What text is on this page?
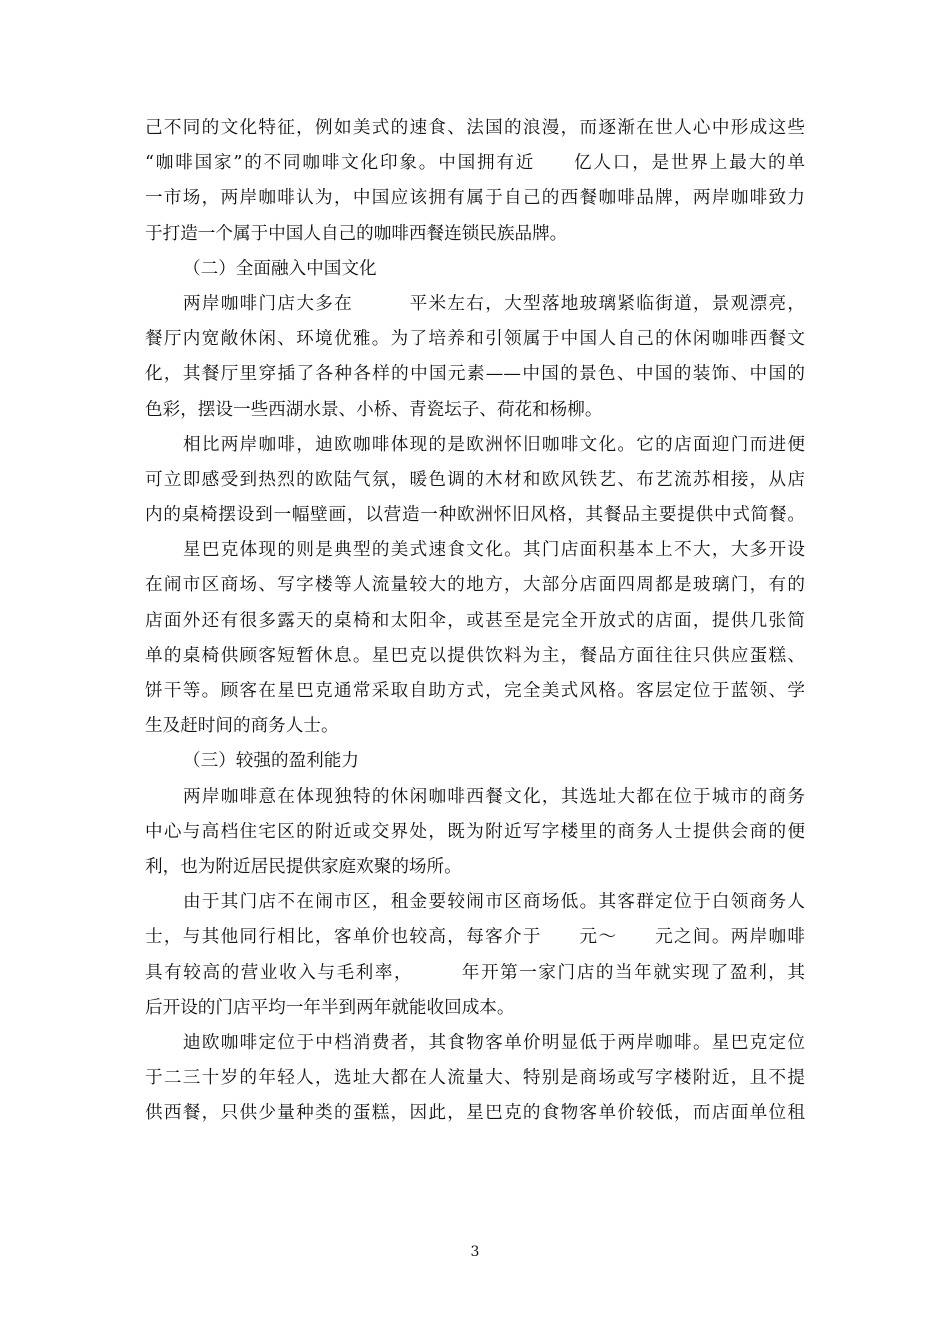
己不同的文化特征，例如美式的速食、法国的浪漫，而逐渐在世人心中形成这些
“咖啡国家”的不同咖啡文化印象。中国拥有近　　亿人口，是世界上最大的单
一市场，两岸咖啡认为，中国应该拥有属于自己的西餐咖啡品牌，两岸咖啡致力
于打造一个属于中国人自己的咖啡西餐连锁民族品牌。
（二）全面融入中国文化
两岸咖啡门店大多在　　　平米左右，大型落地玻璃紧临街道，景观漂亮，
餐厅内宽敞休闲、环境优雅。为了培养和引领属于中国人自己的休闲咖啡西餐文
化，其餐厅里穿插了各种各样的中国元素——中国的景色、中国的装饰、中国的
色彩，摆设一些西湖水景、小桥、青瓷坛子、荷花和杨柳。
相比两岸咖啡，迪欧咖啡体现的是欧洲怀旧咖啡文化。它的店面迎门而进便
可立即感受到热烈的欧陆气氛，暖色调的木材和欧风铁艺、布艺流苏相接，从店
内的桌椅摆设到一幅壁画，以营造一种欧洲怀旧风格，其餐品主要提供中式简餐。
星巴克体现的则是典型的美式速食文化。其门店面积基本上不大，大多开设
在闹市区商场、写字楼等人流量较大的地方，大部分店面四周都是玻璃门，有的
店面外还有很多露天的桌椅和太阳伞，或甚至是完全开放式的店面，提供几张简
单的桌椅供顾客短暂休息。星巴克以提供饮料为主，餐品方面往往只供应蛋糕、
饼干等。顾客在星巴克通常采取自助方式，完全美式风格。客层定位于蓝领、学
生及赶时间的商务人士。
（三）较强的盈利能力
两岸咖啡意在体现独特的休闲咖啡西餐文化，其选址大都在位于城市的商务
中心与高档住宅区的附近或交界处，既为附近写字楼里的商务人士提供会商的便
利，也为附近居民提供家庭欢聚的场所。
由于其门店不在闹市区，租金要较闹市区商场低。其客群定位于白领商务人
士，与其他同行相比，客单价也较高，每客介于　　元～　　元之间。两岸咖啡
具有较高的营业收入与毛利率，　　　年开第一家门店的当年就实现了盈利，其
后开设的门店平均一年半到两年就能收回成本。
迪欧咖啡定位于中档消费者，其食物客单价明显低于两岸咖啡。星巴克定位
于二三十岁的年轻人，选址大都在人流量大、特别是商场或写字楼附近，且不提
供西餐，只供少量种类的蛋糕，因此，星巴克的食物客单价较低，而店面单位租
3
